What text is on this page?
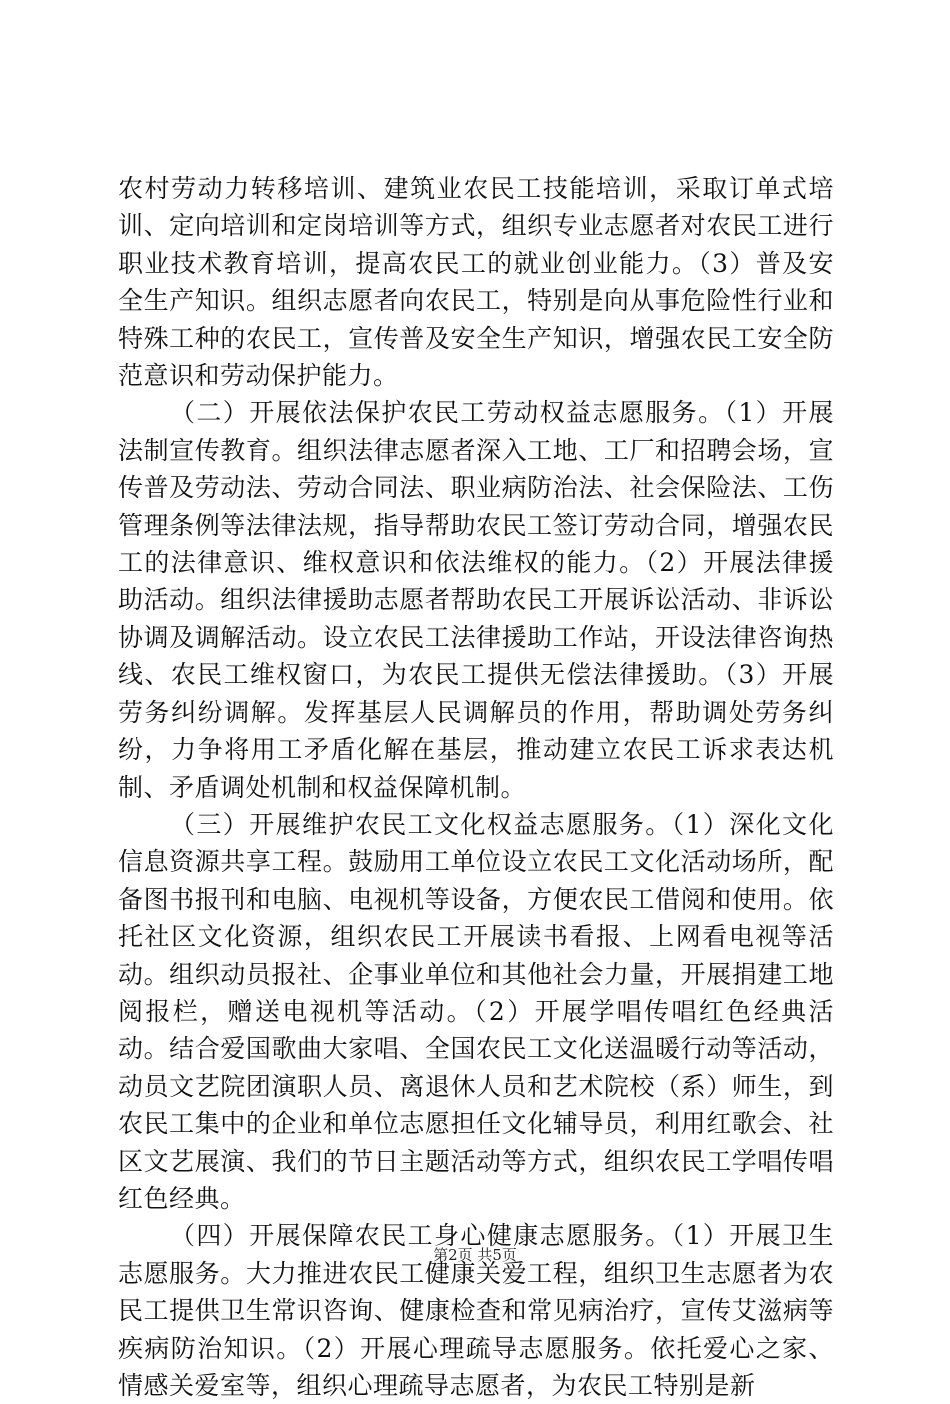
农村劳动力转移培训、建筑业农民工技能培训，采取订单式培训、定向培训和定岗培训等方式，组织专业志愿者对农民工进行职业技术教育培训，提高农民工的就业创业能力。（3）普及安全生产知识。组织志愿者向农民工，特别是向从事危险性行业和特殊工种的农民工，宣传普及安全生产知识，增强农民工安全防范意识和劳动保护能力。

（二）开展依法保护农民工劳动权益志愿服务。（1）开展法制宣传教育。组织法律志愿者深入工地、工厂和招聘会场，宣传普及劳动法、劳动合同法、职业病防治法、社会保险法、工伤管理条例等法律法规，指导帮助农民工签订劳动合同，增强农民工的法律意识、维权意识和依法维权的能力。（2）开展法律援助活动。组织法律援助志愿者帮助农民工开展诉讼活动、非诉讼协调及调解活动。设立农民工法律援助工作站，开设法律咨询热线、农民工维权窗口，为农民工提供无偿法律援助。（3）开展劳务纠纷调解。发挥基层人民调解员的作用，帮助调处劳务纠纷，力争将用工矛盾化解在基层，推动建立农民工诉求表达机制、矛盾调处机制和权益保障机制。

（三）开展维护农民工文化权益志愿服务。（1）深化文化信息资源共享工程。鼓励用工单位设立农民工文化活动场所，配备图书报刊和电脑、电视机等设备，方便农民工借阅和使用。依托社区文化资源，组织农民工开展读书看报、上网看电视等活动。组织动员报社、企事业单位和其他社会力量，开展捐建工地阅报栏，赠送电视机等活动。（2）开展学唱传唱红色经典活动。结合爱国歌曲大家唱、全国农民工文化送温暖行动等活动，动员文艺院团演职人员、离退休人员和艺术院校（系）师生，到农民工集中的企业和单位志愿担任文化辅导员，利用红歌会、社区文艺展演、我们的节日主题活动等方式，组织农民工学唱传唱红色经典。

（四）开展保障农民工身心健康志愿服务。（1）开展卫生志愿服务。大力推进农民工健康关爱工程，组织卫生志愿者为农民工提供卫生常识咨询、健康检查和常见病治疗，宣传艾滋病等疾病防治知识。（2）开展心理疏导志愿服务。依托爱心之家、情感关爱室等，组织心理疏导志愿者，为农民工特别是新

第2页 共5页
